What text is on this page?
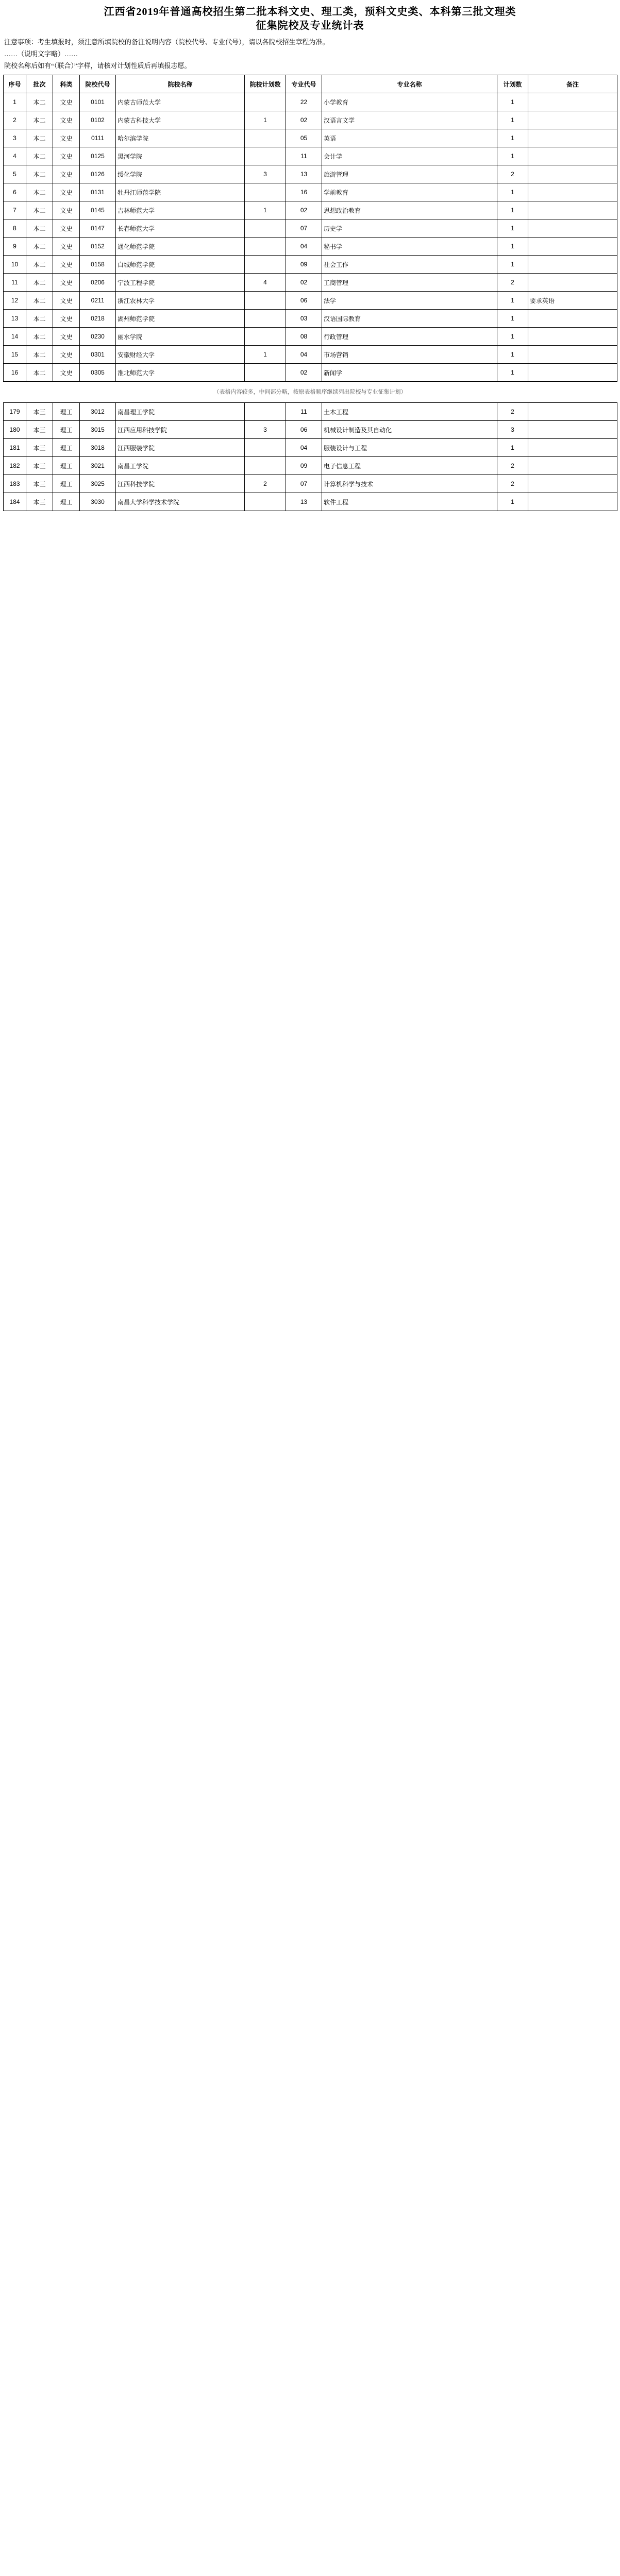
江西省2019年普通高校招生第二批本科文史、理工类，预科文史类、本科第三批文理类
征集院校及专业统计表

注意事项：考生填报时，须注意所填院校的备注说明内容（院校代号、专业代号），请以各院校招生章程为准。

……（说明文字略）……

院校名称后如有“（联合）”字样，请核对计划性质后再填报志愿。

序号	批次	科类	院校代号	院校名称	院校计划数	专业代号	专业名称	计划数	备注
1	本二	文史	0101	内蒙古师范大学		22	小学教育	1	
2	本二	文史	0102	内蒙古科技大学	1	02	汉语言文学	1	
3	本二	文史	0111	哈尔滨学院		05	英语	1	
4	本二	文史	0125	黑河学院		11	会计学	1	
5	本二	文史	0126	绥化学院	3	13	旅游管理	2	
6	本二	文史	0131	牡丹江师范学院		16	学前教育	1	
7	本二	文史	0145	吉林师范大学	1	02	思想政治教育	1	
8	本二	文史	0147	长春师范大学		07	历史学	1	
9	本二	文史	0152	通化师范学院		04	秘书学	1	
10	本二	文史	0158	白城师范学院		09	社会工作	1	
11	本二	文史	0206	宁波工程学院	4	02	工商管理	2	
12	本二	文史	0211	浙江农林大学		06	法学	1	要求英语
13	本二	文史	0218	湖州师范学院		03	汉语国际教育	1	
14	本二	文史	0230	丽水学院		08	行政管理	1	
15	本二	文史	0301	安徽财经大学	1	04	市场营销	1	
16	本二	文史	0305	淮北师范大学		02	新闻学	1	
（表格内容较多，中间部分略，按原表格顺序继续列出院校与专业征集计划）
179	本三	理工	3012	南昌理工学院		11	土木工程	2	
180	本三	理工	3015	江西应用科技学院	3	06	机械设计制造及其自动化	3	
181	本三	理工	3018	江西服装学院		04	服装设计与工程	1	
182	本三	理工	3021	南昌工学院		09	电子信息工程	2	
183	本三	理工	3025	江西科技学院	2	07	计算机科学与技术	2	
184	本三	理工	3030	南昌大学科学技术学院		13	软件工程	1	
